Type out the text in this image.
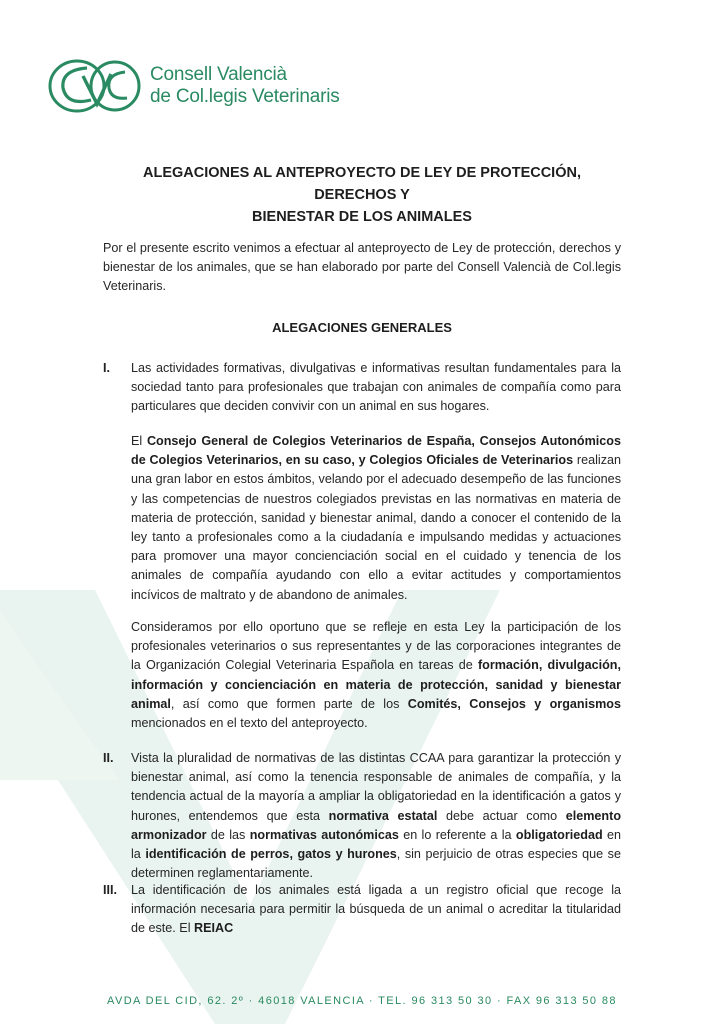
Consell Valencià
de Col.legis Veterinaris
ALEGACIONES AL ANTEPROYECTO DE LEY DE PROTECCIÓN, DERECHOS Y
BIENESTAR DE LOS ANIMALES
Por el presente escrito venimos a efectuar al anteproyecto de Ley de protección, derechos y bienestar de los animales, que se han elaborado por parte del Consell Valencià de Col.legis Veterinaris.
ALEGACIONES GENERALES
I. Las actividades formativas, divulgativas e informativas resultan fundamentales para la sociedad tanto para profesionales que trabajan con animales de compañía como para particulares que deciden convivir con un animal en sus hogares.
El Consejo General de Colegios Veterinarios de España, Consejos Autonómicos de Colegios Veterinarios, en su caso, y Colegios Oficiales de Veterinarios realizan una gran labor en estos ámbitos, velando por el adecuado desempeño de las funciones y las competencias de nuestros colegiados previstas en las normativas en materia de materia de protección, sanidad y bienestar animal, dando a conocer el contenido de la ley tanto a profesionales como a la ciudadanía e impulsando medidas y actuaciones para promover una mayor concienciación social en el cuidado y tenencia de los animales de compañía ayudando con ello a evitar actitudes y comportamientos incívicos de maltrato y de abandono de animales.
Consideramos por ello oportuno que se refleje en esta Ley la participación de los profesionales veterinarios o sus representantes y de las corporaciones integrantes de la Organización Colegial Veterinaria Española en tareas de formación, divulgación, información y concienciación en materia de protección, sanidad y bienestar animal, así como que formen parte de los Comités, Consejos y organismos mencionados en el texto del anteproyecto.
II. Vista la pluralidad de normativas de las distintas CCAA para garantizar la protección y bienestar animal, así como la tenencia responsable de animales de compañía, y la tendencia actual de la mayoría a ampliar la obligatoriedad en la identificación a gatos y hurones, entendemos que esta normativa estatal debe actuar como elemento armonizador de las normativas autonómicas en lo referente a la obligatoriedad en la identificación de perros, gatos y hurones, sin perjuicio de otras especies que se determinen reglamentariamente.
III. La identificación de los animales está ligada a un registro oficial que recoge la información necesaria para permitir la búsqueda de un animal o acreditar la titularidad de este. El REIAC
AVDA DEL CID, 62. 2º · 46018 VALENCIA · TEL. 96 313 50 30 · FAX 96 313 50 88
